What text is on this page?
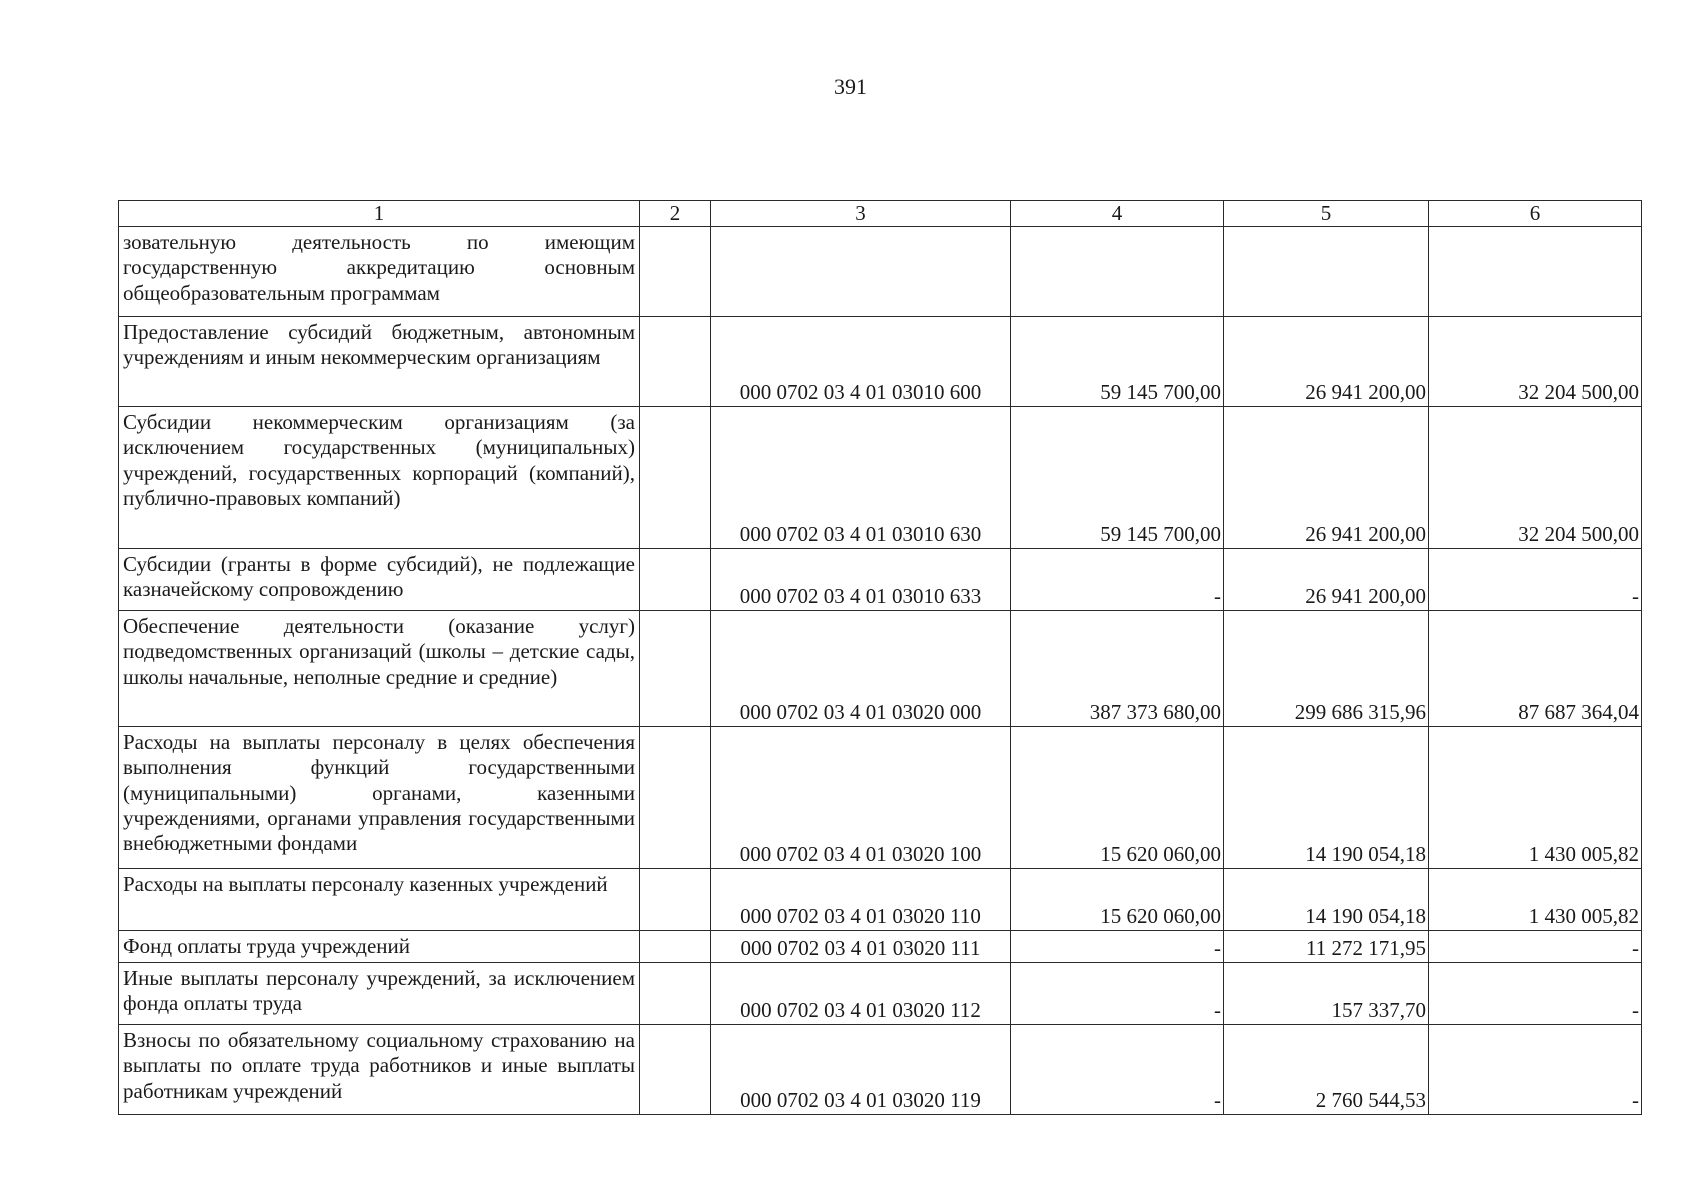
391
1	2	3	4	5	6
зовательную деятельность по имеющим государственную аккредитацию основным общеобразовательным программам					
Предоставление субсидий бюджетным, автономным учреждениям и иным некоммерческим организациям		000 0702 03 4 01 03010 600	59 145 700,00	26 941 200,00	32 204 500,00
Субсидии некоммерческим организациям (за исключением государственных (муниципальных) учреждений, государственных корпораций (компаний), публично-правовых компаний)		000 0702 03 4 01 03010 630	59 145 700,00	26 941 200,00	32 204 500,00
Субсидии (гранты в форме субсидий), не подлежащие казначейскому сопровождению		000 0702 03 4 01 03010 633	-	26 941 200,00	-
Обеспечение деятельности (оказание услуг) подведомственных организаций (школы – детские сады, школы начальные, неполные средние и средние)		000 0702 03 4 01 03020 000	387 373 680,00	299 686 315,96	87 687 364,04
Расходы на выплаты персоналу в целях обеспечения выполнения функций государственными (муниципальными) органами, казенными учреждениями, органами управления государственными внебюджетными фондами		000 0702 03 4 01 03020 100	15 620 060,00	14 190 054,18	1 430 005,82
Расходы на выплаты персоналу казенных учреждений		000 0702 03 4 01 03020 110	15 620 060,00	14 190 054,18	1 430 005,82
Фонд оплаты труда учреждений		000 0702 03 4 01 03020 111	-	11 272 171,95	-
Иные выплаты персоналу учреждений, за исключением фонда оплаты труда		000 0702 03 4 01 03020 112	-	157 337,70	-
Взносы по обязательному социальному страхованию на выплаты по оплате труда работников и иные выплаты работникам учреждений		000 0702 03 4 01 03020 119	-	2 760 544,53	-
